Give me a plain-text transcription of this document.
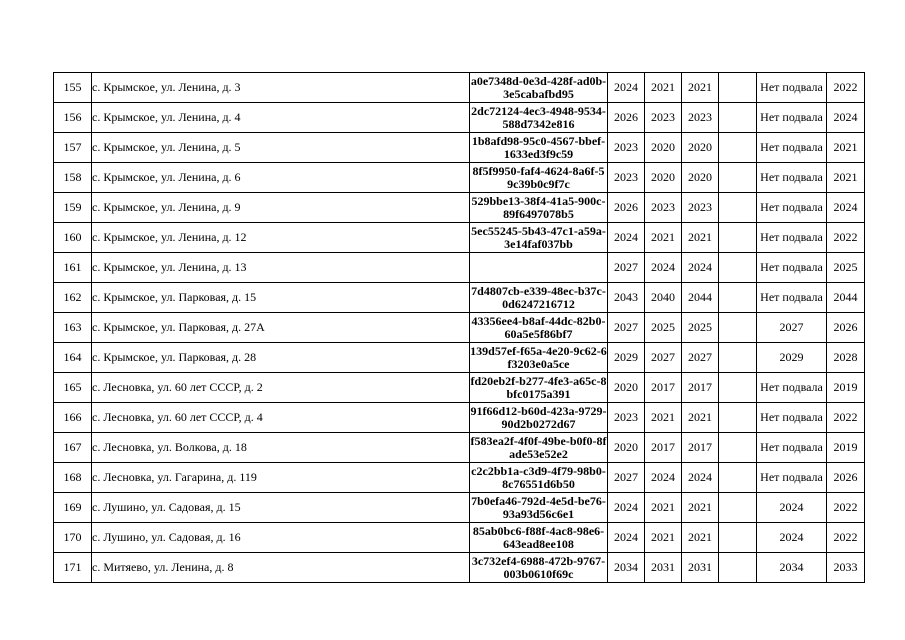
155	с. Крымское, ул. Ленина, д. 3	a0e7348d-0e3d-428f-ad0b-3e5cabafbd95	2024	2021	2021		Нет подвала	2022
156	с. Крымское, ул. Ленина, д. 4	2dc72124-4ec3-4948-9534-588d7342e816	2026	2023	2023		Нет подвала	2024
157	с. Крымское, ул. Ленина, д. 5	1b8afd98-95c0-4567-bbef-1633ed3f9c59	2023	2020	2020		Нет подвала	2021
158	с. Крымское, ул. Ленина, д. 6	8f5f9950-faf4-4624-8a6f-59c39b0c9f7c	2023	2020	2020		Нет подвала	2021
159	с. Крымское, ул. Ленина, д. 9	529bbe13-38f4-41a5-900c-89f6497078b5	2026	2023	2023		Нет подвала	2024
160	с. Крымское, ул. Ленина, д. 12	5ec55245-5b43-47c1-a59a-3e14faf037bb	2024	2021	2021		Нет подвала	2022
161	с. Крымское, ул. Ленина, д. 13		2027	2024	2024		Нет подвала	2025
162	с. Крымское, ул. Парковая, д. 15	7d4807cb-e339-48ec-b37c-0d6247216712	2043	2040	2044		Нет подвала	2044
163	с. Крымское, ул. Парковая, д. 27А	43356ee4-b8af-44dc-82b0-60a5e5f86bf7	2027	2025	2025		2027	2026
164	с. Крымское, ул. Парковая, д. 28	139d57ef-f65a-4e20-9c62-6f3203e0a5ce	2029	2027	2027		2029	2028
165	с. Лесновка, ул. 60 лет СССР, д. 2	fd20eb2f-b277-4fe3-a65c-8bfc0175a391	2020	2017	2017		Нет подвала	2019
166	с. Лесновка, ул. 60 лет СССР, д. 4	91f66d12-b60d-423a-9729-90d2b0272d67	2023	2021	2021		Нет подвала	2022
167	с. Лесновка, ул. Волкова, д. 18	f583ea2f-4f0f-49be-b0f0-8fade53e52e2	2020	2017	2017		Нет подвала	2019
168	с. Лесновка, ул. Гагарина, д. 119	c2c2bb1a-c3d9-4f79-98b0-8c76551d6b50	2027	2024	2024		Нет подвала	2026
169	с. Лушино, ул. Садовая, д. 15	7b0efa46-792d-4e5d-be76-93a93d56c6e1	2024	2021	2021		2024	2022
170	с. Лушино, ул. Садовая, д. 16	85ab0bc6-f88f-4ac8-98e6-643ead8ee108	2024	2021	2021		2024	2022
171	с. Митяево, ул. Ленина, д. 8	3c732ef4-6988-472b-9767-003b0610f69c	2034	2031	2031		2034	2033
